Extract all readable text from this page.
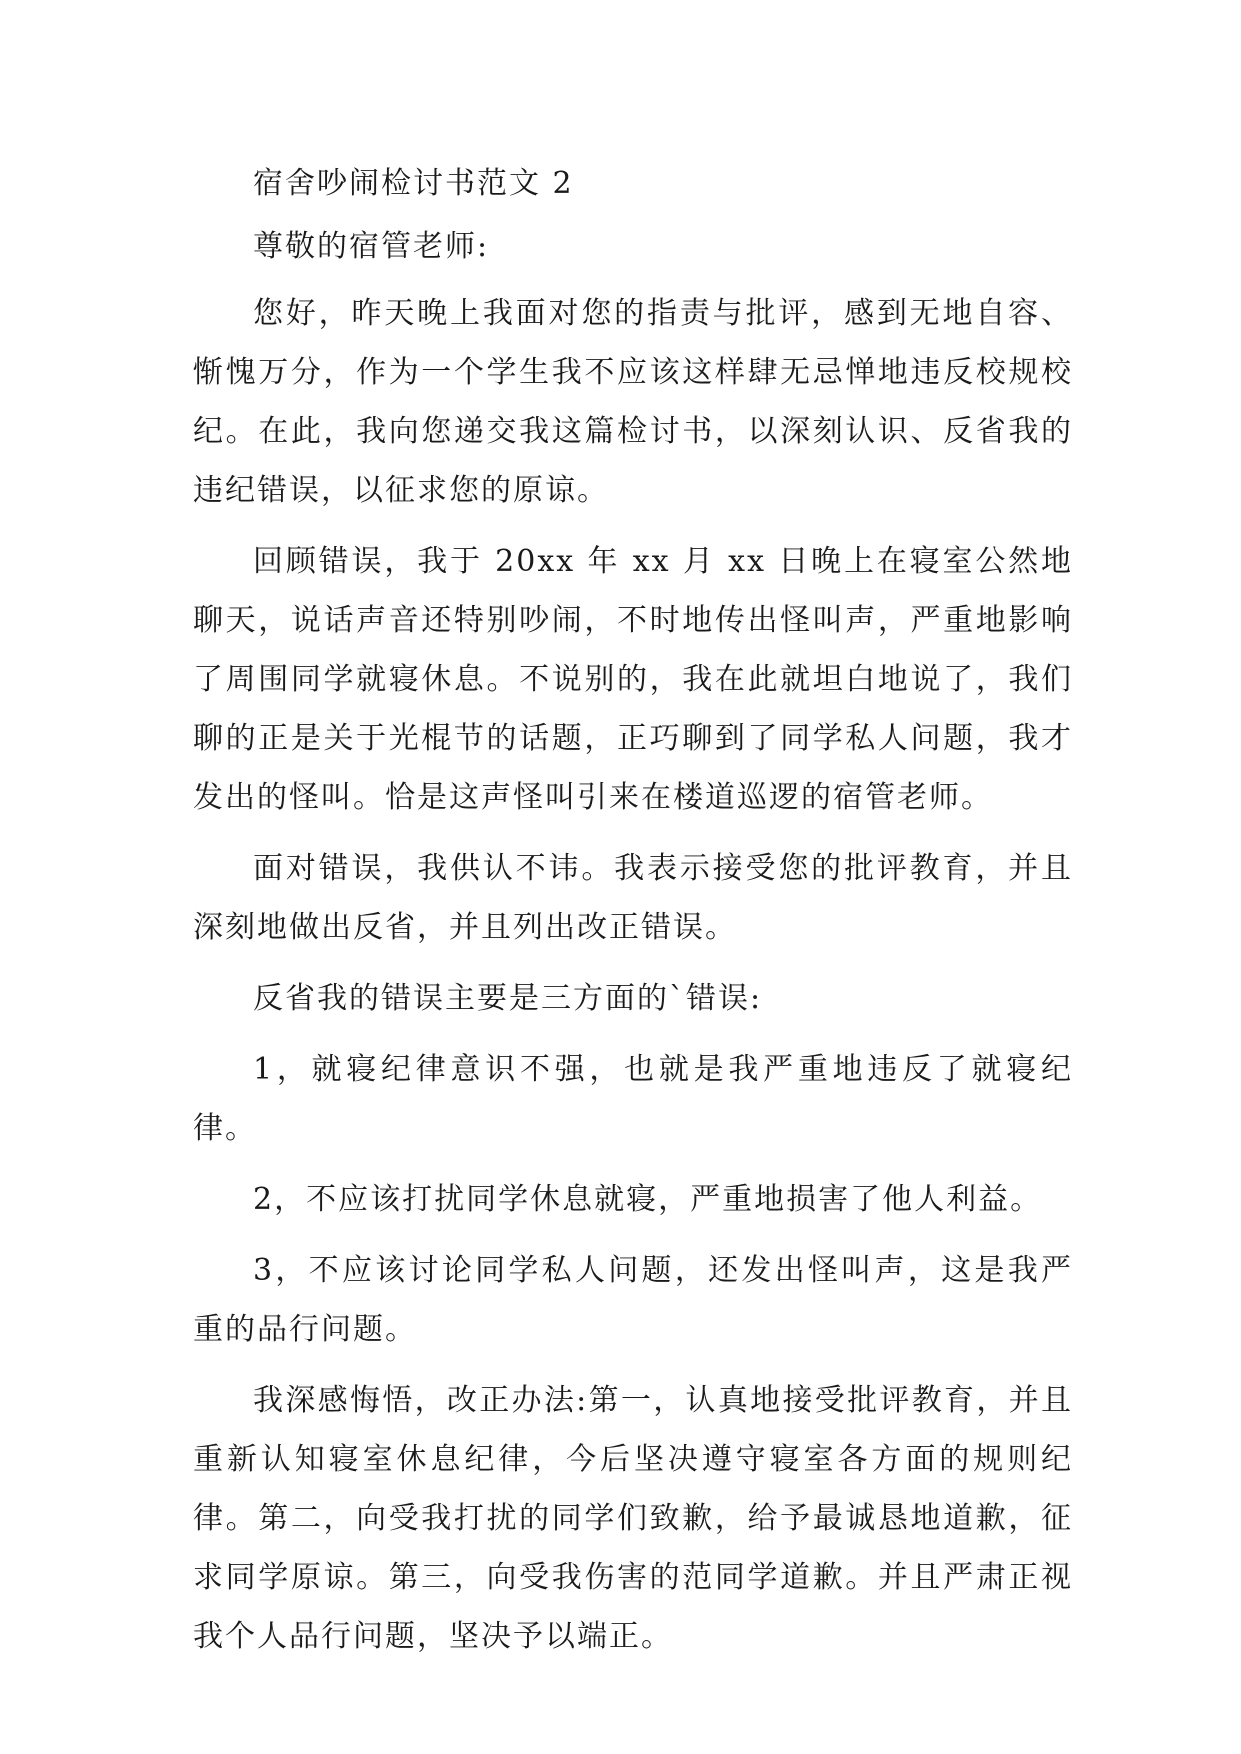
宿舍吵闹检讨书范文 2

尊敬的宿管老师:

您好，昨天晚上我面对您的指责与批评，感到无地自容、惭愧万分，作为一个学生我不应该这样肆无忌惮地违反校规校纪。在此，我向您递交我这篇检讨书，以深刻认识、反省我的违纪错误，以征求您的原谅。

回顾错误，我于 20xx 年 xx 月 xx 日晚上在寝室公然地聊天，说话声音还特别吵闹，不时地传出怪叫声，严重地影响了周围同学就寝休息。不说别的，我在此就坦白地说了，我们聊的正是关于光棍节的话题，正巧聊到了同学私人问题，我才发出的怪叫。恰是这声怪叫引来在楼道巡逻的宿管老师。

面对错误，我供认不讳。我表示接受您的批评教育，并且深刻地做出反省，并且列出改正错误。

反省我的错误主要是三方面的`错误:

1，就寝纪律意识不强，也就是我严重地违反了就寝纪律。

2，不应该打扰同学休息就寝，严重地损害了他人利益。

3，不应该讨论同学私人问题，还发出怪叫声，这是我严重的品行问题。

我深感悔悟，改正办法:第一，认真地接受批评教育，并且重新认知寝室休息纪律，今后坚决遵守寝室各方面的规则纪律。第二，向受我打扰的同学们致歉，给予最诚恳地道歉，征求同学原谅。第三，向受我伤害的范同学道歉。并且严肃正视我个人品行问题，坚决予以端正。
